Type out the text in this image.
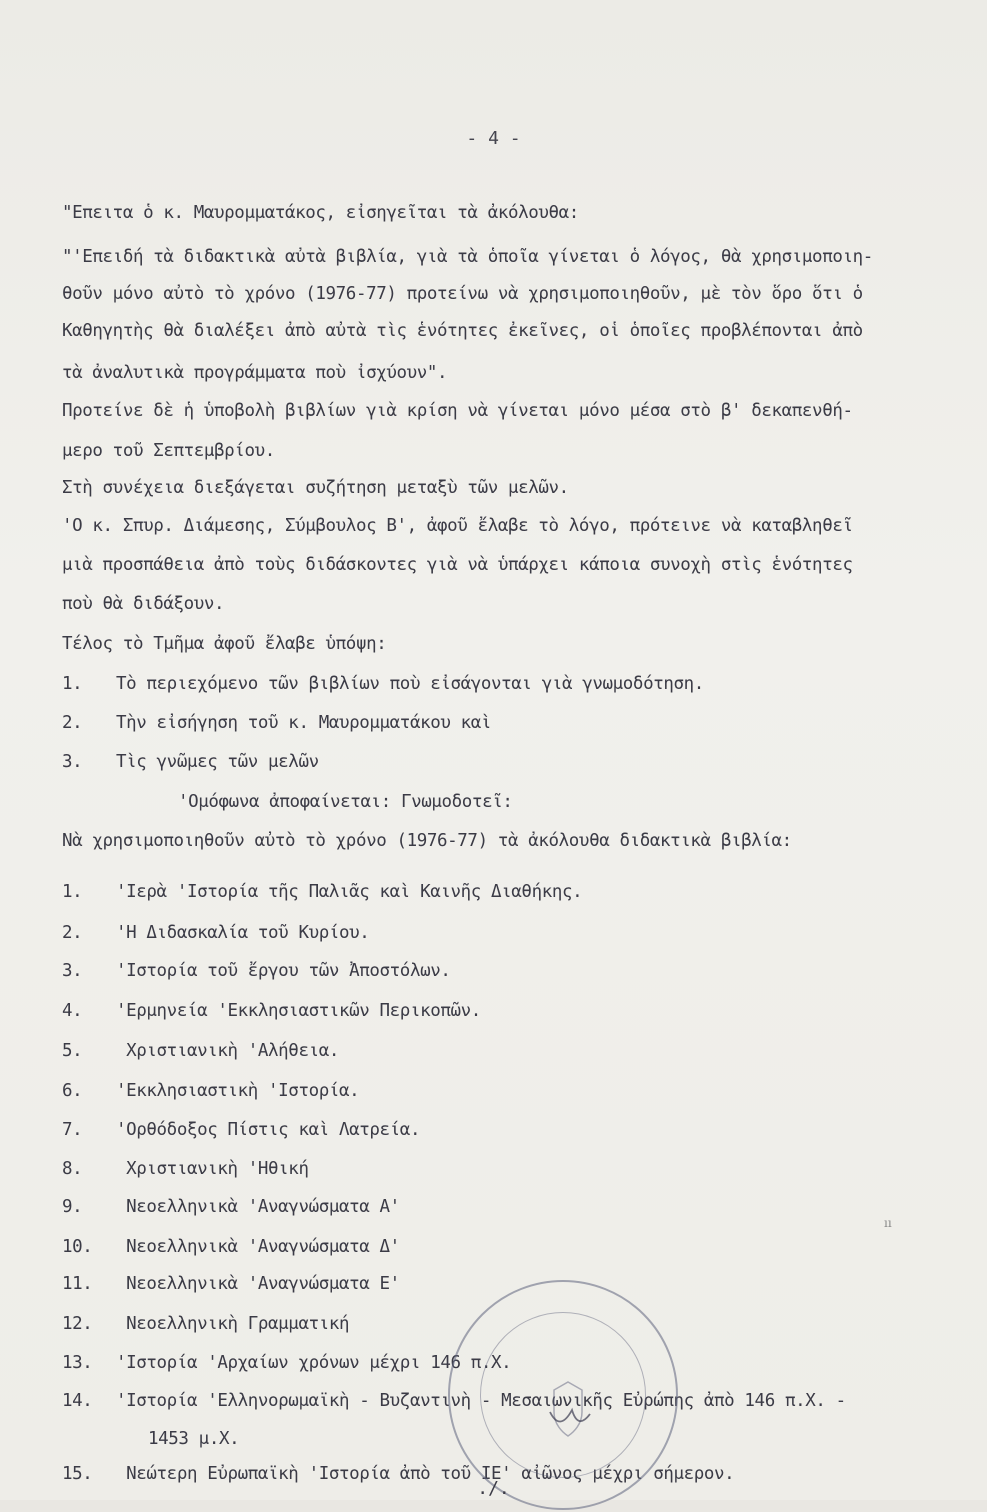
- 4 -
"Επειτα ὁ κ. Μαυρομματάκος, εἰσηγεῖται τὰ ἀκόλουθα:
"'Επειδή τὰ διδακτικὰ αὐτὰ βιβλία, γιὰ τὰ ὁποῖα γίνεται ὁ λόγος, θὰ χρησιμοποιη-
θοῦν μόνο αὐτὸ τὸ χρόνο (1976-77) προτείνω νὰ χρησιμοποιηθοῦν, μὲ τὸν ὅρο ὅτι ὁ
Καθηγητὴς θὰ διαλέξει ἀπὸ αὐτὰ τὶς ἑνότητες ἐκεῖνες, οἱ ὁποῖες προβλέπονται ἀπὸ
τὰ ἀναλυτικὰ προγράμματα ποὺ ἰσχύουν".
Προτείνε δὲ ἡ ὑποβολὴ βιβλίων γιὰ κρίση νὰ γίνεται μόνο μέσα στὸ β' δεκαπενθή-
μερο τοῦ Σεπτεμβρίου.
Στὴ συνέχεια διεξάγεται συζήτηση μεταξὺ τῶν μελῶν.
'Ο κ. Σπυρ. Διάμεσης, Σύμβουλος Β', ἀφοῦ ἔλαβε τὸ λόγο, πρότεινε νὰ καταβληθεῖ
μιὰ προσπάθεια ἀπὸ τοὺς διδάσκοντες γιὰ νὰ ὑπάρχει κάποια συνοχὴ στὶς ἑνότητες
ποὺ θὰ διδάξουν.
Τέλος τὸ Τμῆμα ἀφοῦ ἔλαβε ὑπόψη:
1. Τὸ περιεχόμενο τῶν βιβλίων ποὺ εἰσάγονται γιὰ γνωμοδότηση.
2. Τὴν εἰσήγηση τοῦ κ. Μαυρομματάκου καὶ
3. Τὶς γνῶμες τῶν μελῶν
'Ομόφωνα ἀποφαίνεται: Γνωμοδοτεῖ:
Νὰ χρησιμοποιηθοῦν αὐτὸ τὸ χρόνο (1976-77) τὰ ἀκόλουθα διδακτικὰ βιβλία:
1. 'Ιερὰ 'Ιστορία τῆς Παλιᾶς καὶ Καινῆς Διαθήκης.
2. 'Η Διδασκαλία τοῦ Κυρίου.
3. 'Ιστορία τοῦ ἔργου τῶν Ἀποστόλων.
4. 'Ερμηνεία 'Εκκλησιαστικῶν Περικοπῶν.
5. Χριστιανικὴ 'Αλήθεια.
6. 'Εκκλησιαστικὴ 'Ιστορία.
7. 'Ορθόδοξος Πίστις καὶ Λατρεία.
8. Χριστιανικὴ 'Ηθική
9. Νεοελληνικὰ 'Αναγνώσματα Α'
10. Νεοελληνικὰ 'Αναγνώσματα Δ'
11. Νεοελληνικὰ 'Αναγνώσματα Ε'
12. Νεοελληνικὴ Γραμματική
13. 'Ιστορία 'Αρχαίων χρόνων μέχρι 146 π.Χ.
14. 'Ιστορία 'Ελληνορωμαϊκὴ - Βυζαντινὴ - Μεσαιωνικῆς Εὐρώπης ἀπὸ 146 π.Χ. -
1453 μ.Χ.
15. Νεώτερη Εὐρωπαϊκὴ 'Ιστορία ἀπὸ τοῦ ΙΕ' αἰῶνος μέχρι σήμερον.
ıı
./.
